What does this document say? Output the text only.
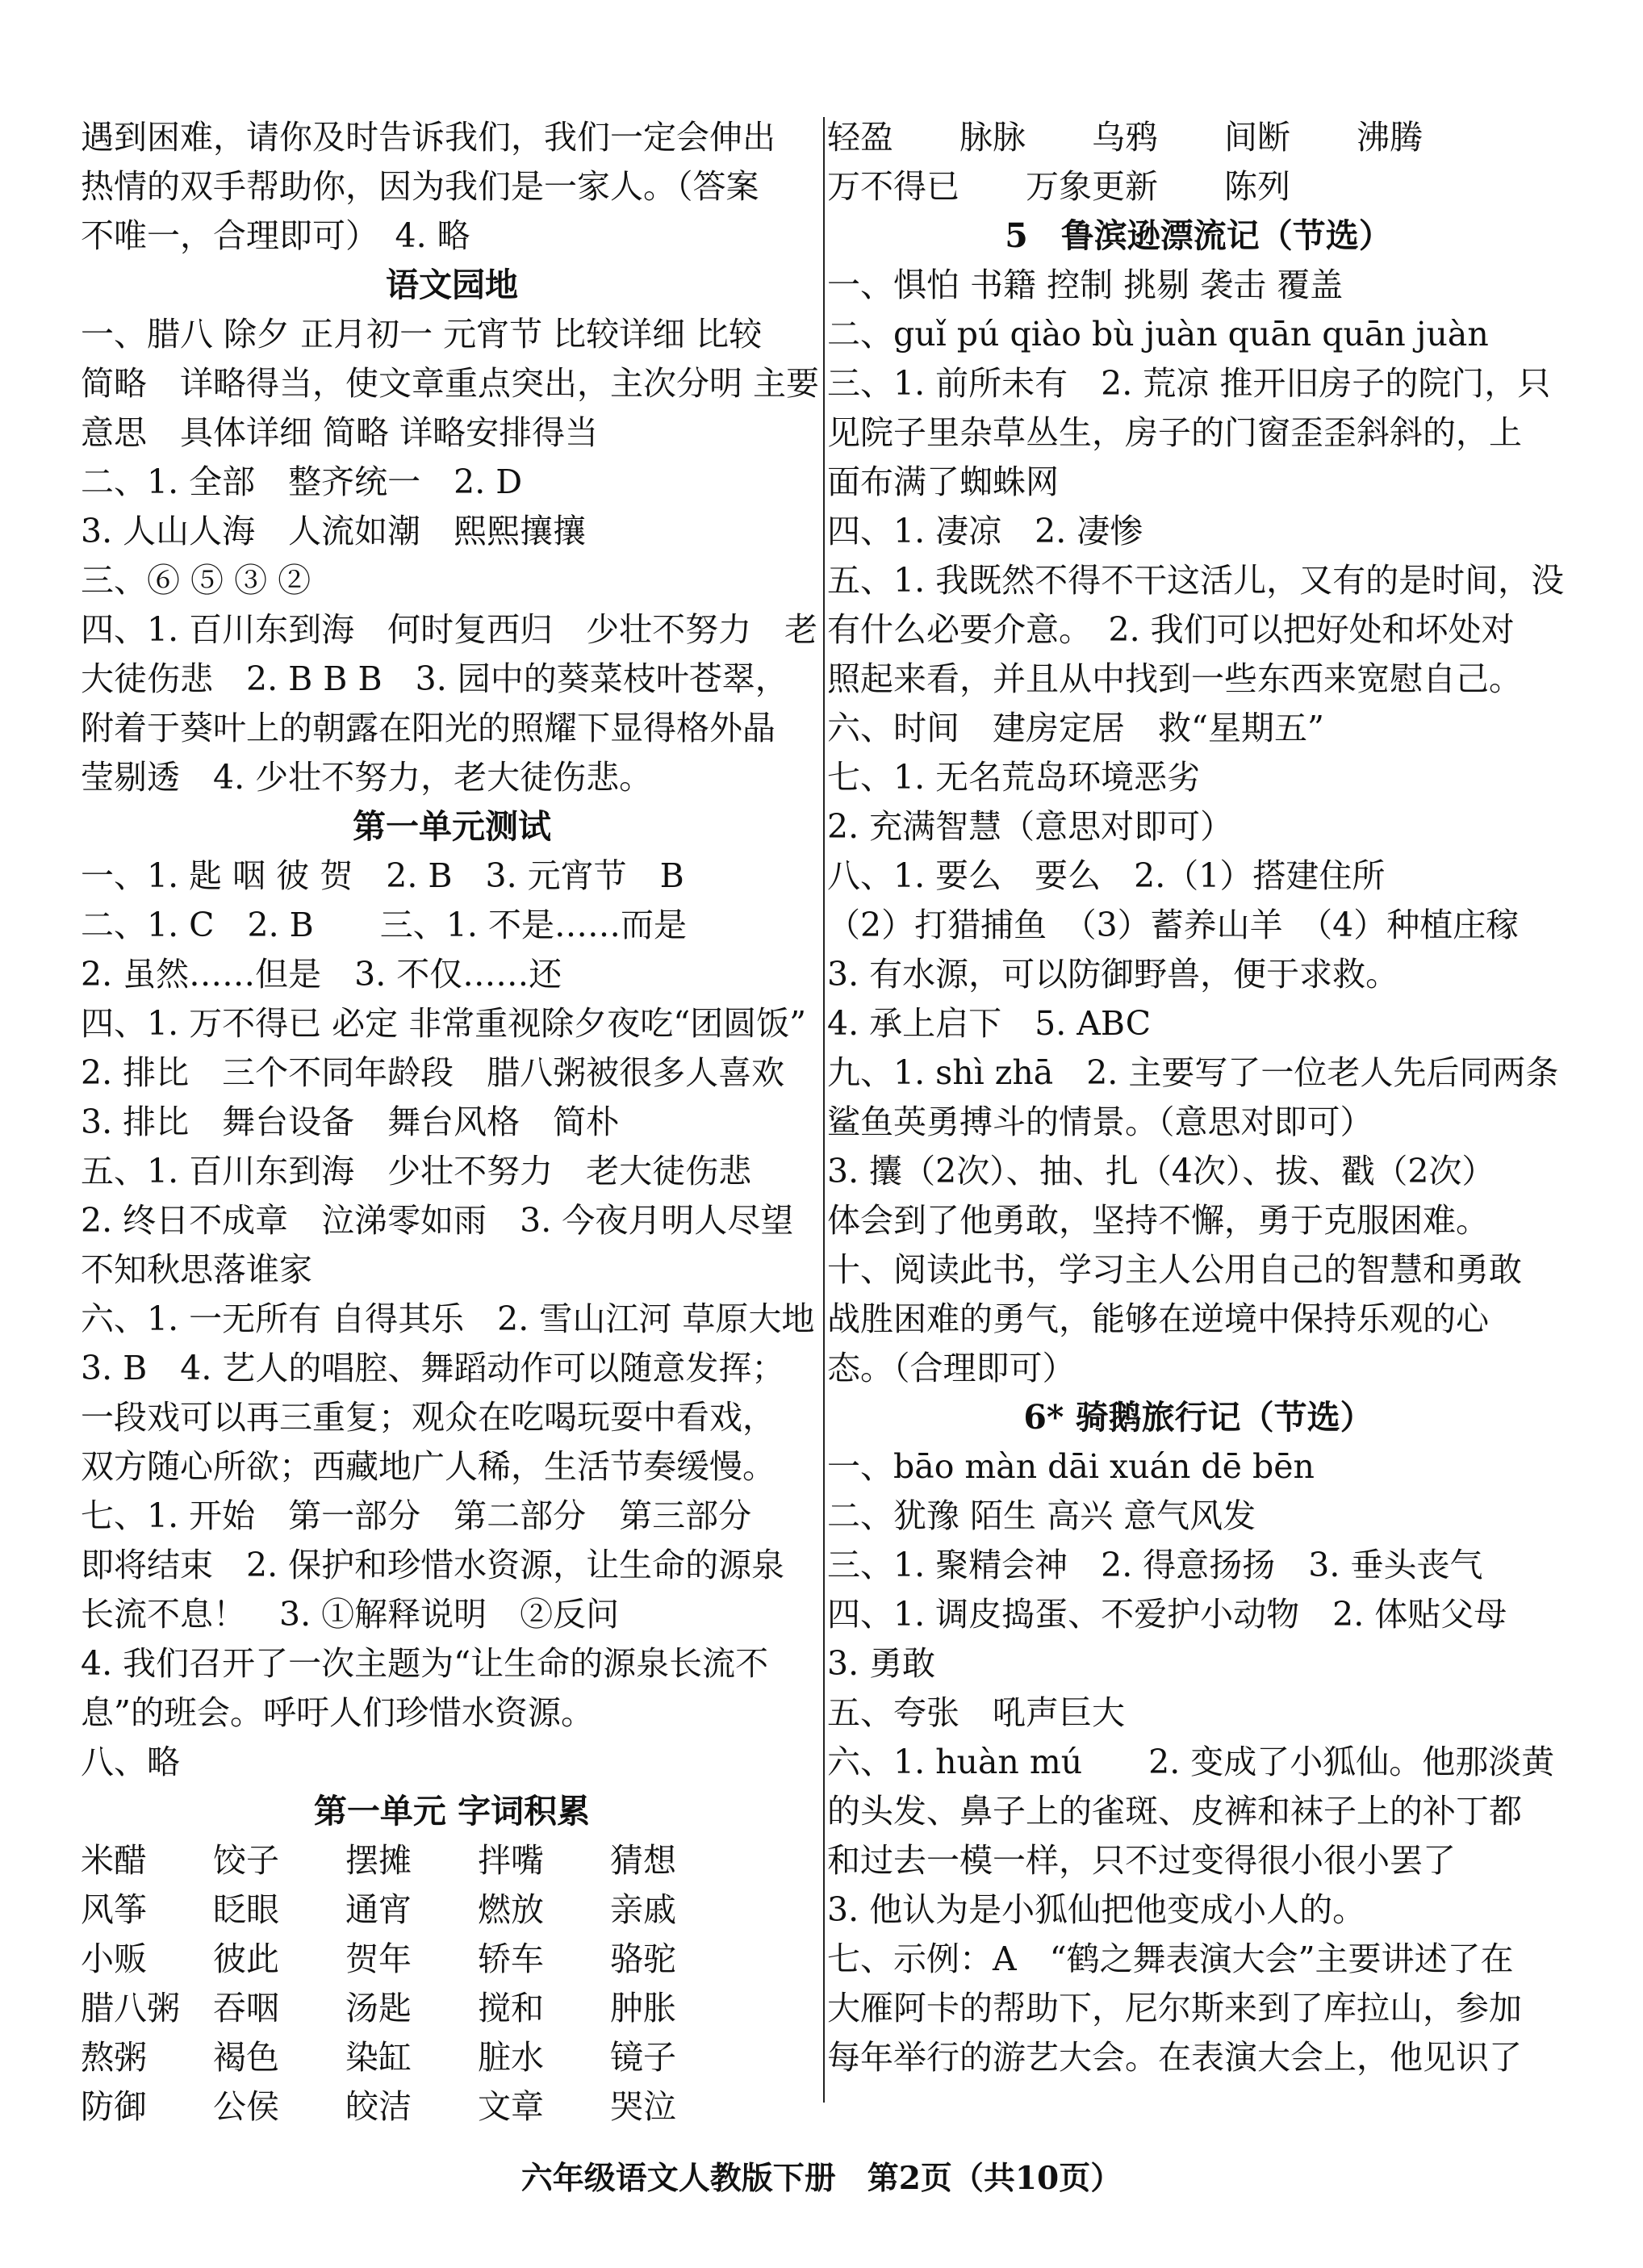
遇到困难，请你及时告诉我们，我们一定会伸出
热情的双手帮助你，因为我们是一家人。（答案
不唯一，合理即可）　4. 略
语文园地
一、腊八 除夕 正月初一 元宵节 比较详细 比较
简略　详略得当，使文章重点突出，主次分明 主要
意思　具体详细 简略 详略安排得当
二、1. 全部　整齐统一　2. D
3. 人山人海　人流如潮　熙熙攘攘
三、⑥ ⑤ ③ ②
四、1. 百川东到海　何时复西归　少壮不努力　老
大徒伤悲　2. B B B　3. 园中的葵菜枝叶苍翠，
附着于葵叶上的朝露在阳光的照耀下显得格外晶
莹剔透　4. 少壮不努力，老大徒伤悲。
第一单元测试
一、1. 匙 咽 彼 贺　2. B　3. 元宵节　B
二、1. C　2. B　　三、1. 不是……而是
2. 虽然……但是　3. 不仅……还
四、1. 万不得已 必定 非常重视除夕夜吃“团圆饭”
2. 排比　三个不同年龄段　腊八粥被很多人喜欢
3. 排比　舞台设备　舞台风格　简朴
五、1. 百川东到海　少壮不努力　老大徒伤悲
2. 终日不成章　泣涕零如雨　3. 今夜月明人尽望
不知秋思落谁家
六、1. 一无所有 自得其乐　2. 雪山江河 草原大地
3. B　4. 艺人的唱腔、舞蹈动作可以随意发挥；
一段戏可以再三重复；观众在吃喝玩耍中看戏，
双方随心所欲；西藏地广人稀，生活节奏缓慢。
七、1. 开始　第一部分　第二部分　第三部分
即将结束　2. 保护和珍惜水资源，让生命的源泉
长流不息！　3. ①解释说明　②反问
4. 我们召开了一次主题为“让生命的源泉长流不
息”的班会。呼吁人们珍惜水资源。
八、略
第一单元 字词积累
米醋	饺子	摆摊	拌嘴	猜想
风筝	眨眼	通宵	燃放	亲戚
小贩	彼此	贺年	轿车	骆驼
腊八粥	吞咽	汤匙	搅和	肿胀
熬粥	褐色	染缸	脏水	镜子
防御	公侯	皎洁	文章	哭泣
轻盈	脉脉	乌鸦	间断	沸腾
万不得已　　万象更新　　陈列
5　鲁滨逊漂流记（节选）
一、惧怕 书籍 控制 挑剔 袭击 覆盖
二、guǐ pú qiào bù juàn quān quān juàn
三、1. 前所未有　2. 荒凉 推开旧房子的院门，只
见院子里杂草丛生，房子的门窗歪歪斜斜的，上
面布满了蜘蛛网
四、1. 凄凉　2. 凄惨
五、1. 我既然不得不干这活儿，又有的是时间，没
有什么必要介意。　2. 我们可以把好处和坏处对
照起来看，并且从中找到一些东西来宽慰自己。
六、时间　建房定居　救“星期五”
七、1. 无名荒岛环境恶劣
2. 充满智慧（意思对即可）
八、1. 要么　要么　2.（1）搭建住所
（2）打猎捕鱼　（3）蓄养山羊　（4）种植庄稼
3. 有水源，可以防御野兽，便于求救。
4. 承上启下　5. ABC
九、1. shì zhā　2. 主要写了一位老人先后同两条
鲨鱼英勇搏斗的情景。（意思对即可）
3. 攮（2次）、抽、扎（4次）、拔、戳（2次）
体会到了他勇敢，坚持不懈，勇于克服困难。
十、阅读此书，学习主人公用自己的智慧和勇敢
战胜困难的勇气，能够在逆境中保持乐观的心
态。（合理即可）
6* 骑鹅旅行记（节选）
一、bāo màn dāi xuán dē bēn
二、犹豫 陌生 高兴 意气风发
三、1. 聚精会神　2. 得意扬扬　3. 垂头丧气
四、1. 调皮捣蛋、不爱护小动物　2. 体贴父母
3. 勇敢
五、夸张　吼声巨大
六、1. huàn mú　　2. 变成了小狐仙。他那淡黄
的头发、鼻子上的雀斑、皮裤和袜子上的补丁都
和过去一模一样，只不过变得很小很小罢了
3. 他认为是小狐仙把他变成小人的。
七、示例：A　“鹤之舞表演大会”主要讲述了在
大雁阿卡的帮助下，尼尔斯来到了库拉山，参加
每年举行的游艺大会。在表演大会上，他见识了
六年级语文人教版下册　第2页（共10页）
